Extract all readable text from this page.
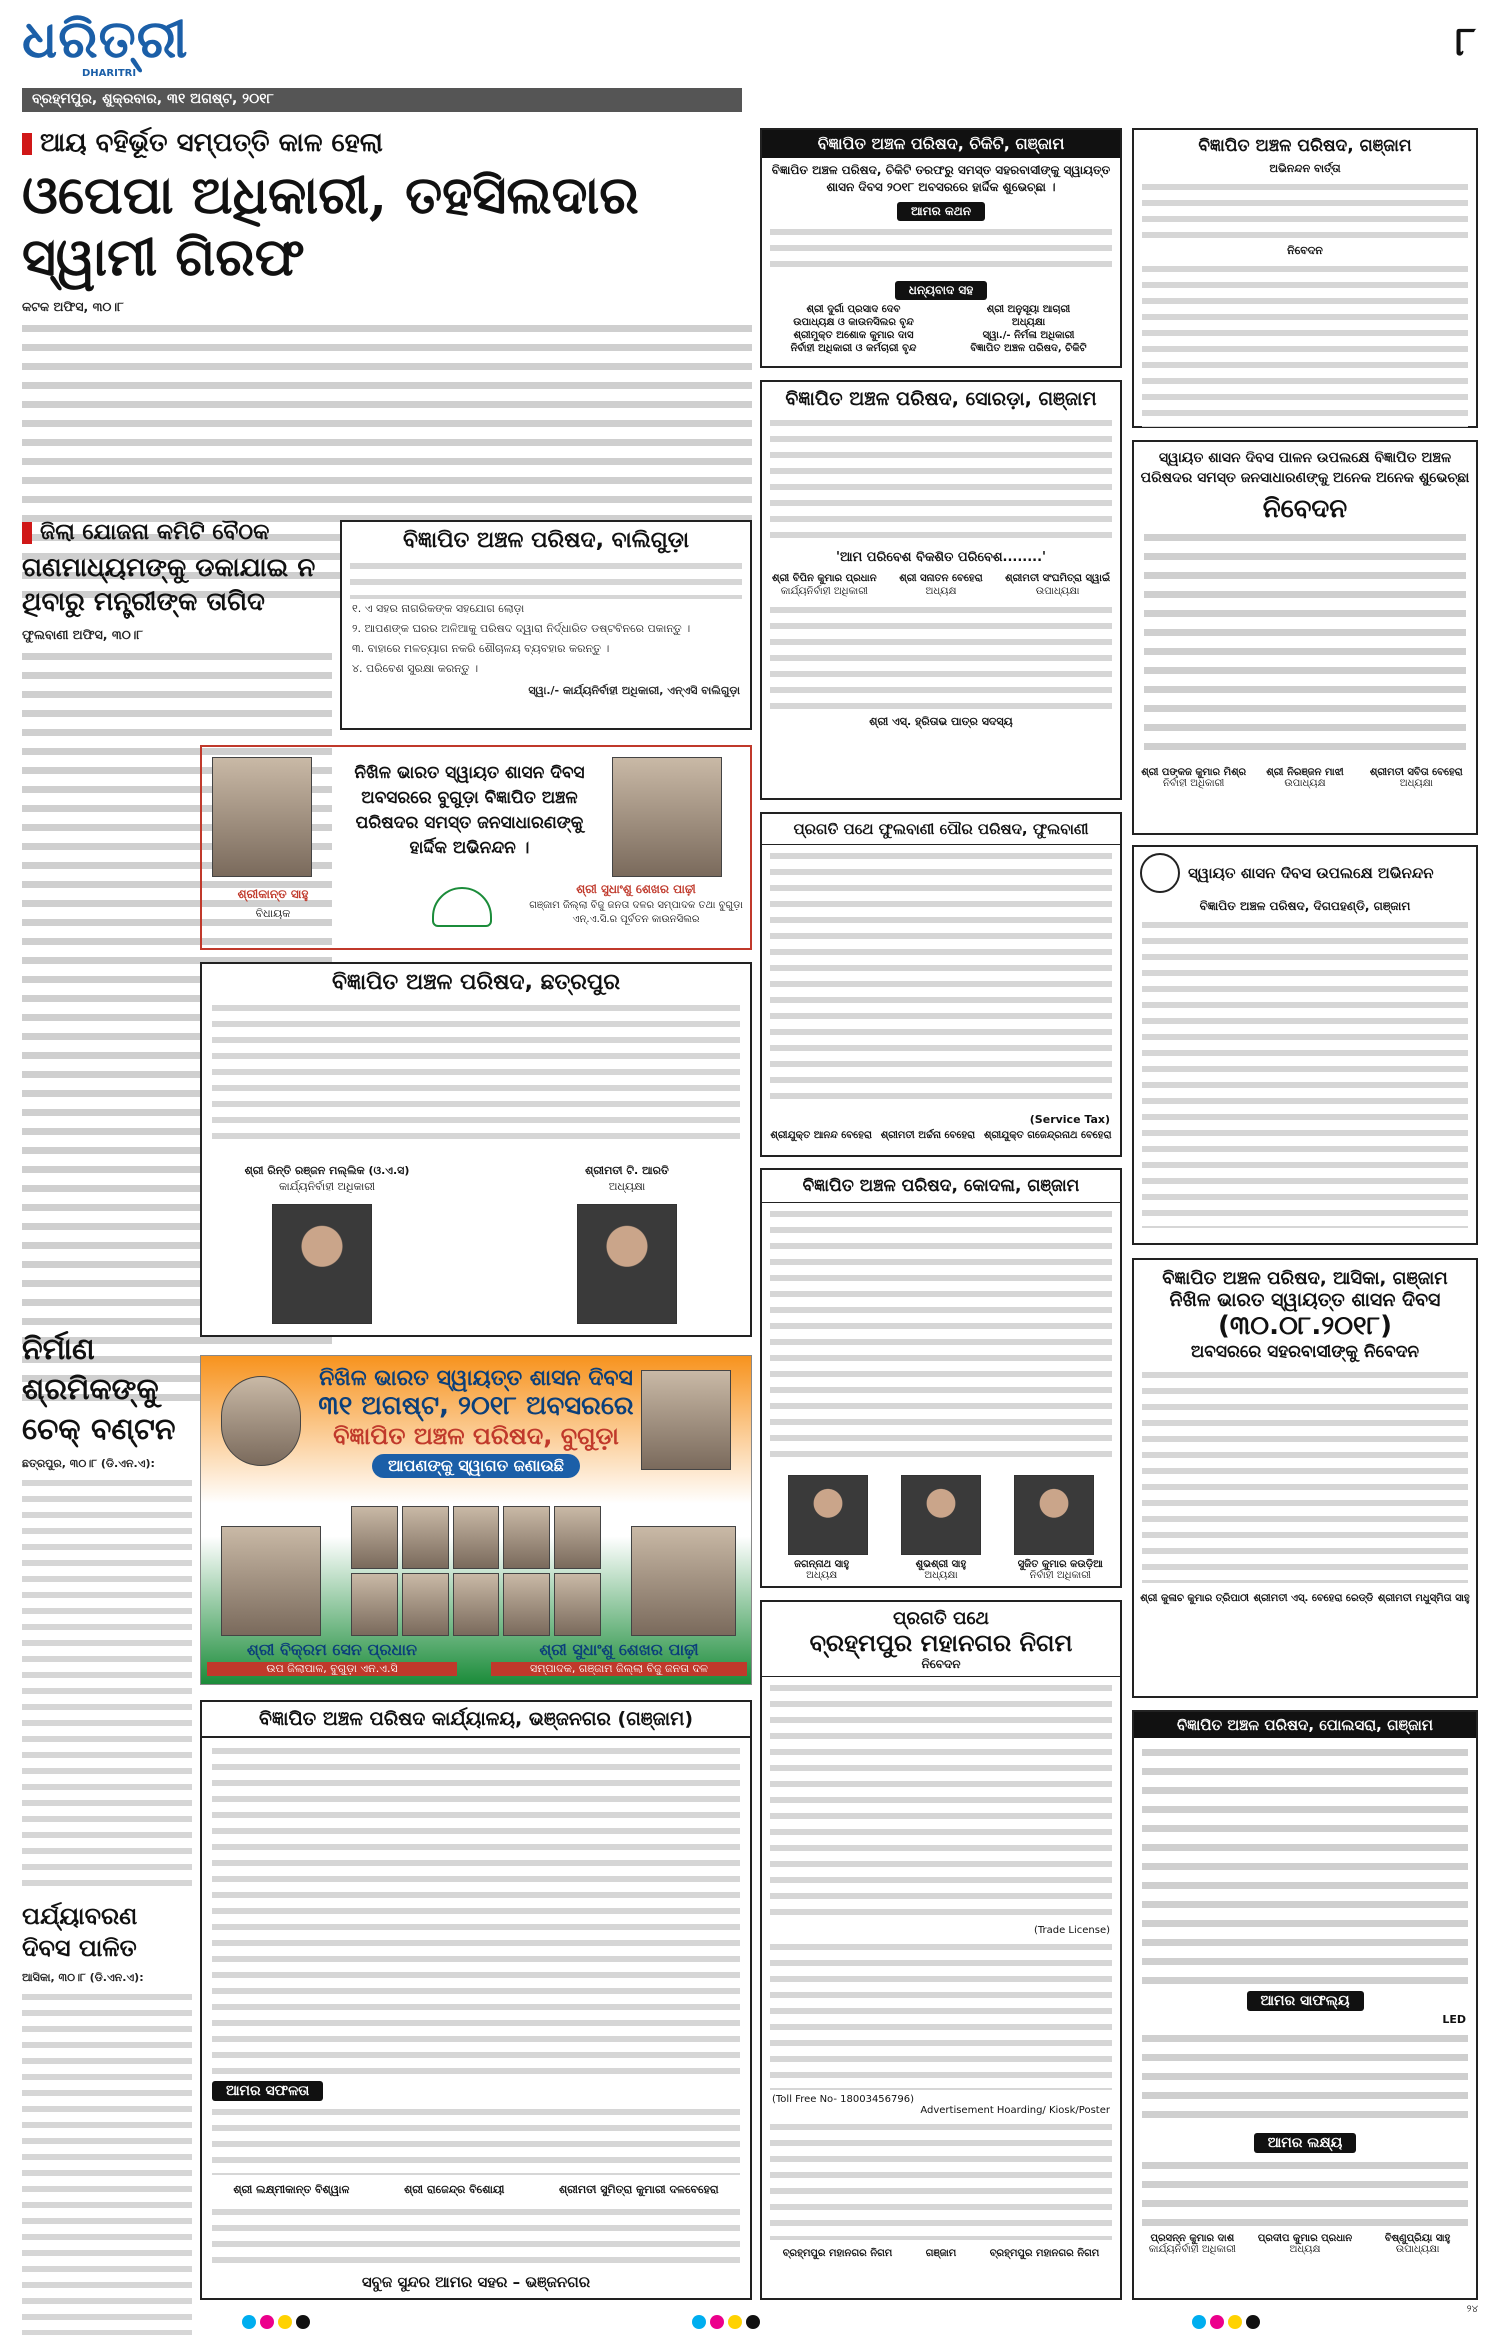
ଧରିତ୍ରୀ
DHARITRI
୮
ବ୍ରହ୍ମପୁର, ଶୁକ୍ରବାର, ୩୧ ଅଗଷ୍ଟ, ୨୦୧୮
ଆୟ ବହିର୍ଭୂତ ସମ୍ପତ୍ତି କାଳ ହେଲା
ଓପେପା ଅଧିକାରୀ, ତହସିଲଦାର ସ୍ୱାମୀ ଗିରଫ
କଟକ ଅଫିସ, ୩୦।୮
ଜିଲା ଯୋଜନା କମିଟି ବୈଠକ
ଗଣମାଧ୍ୟମଙ୍କୁ ଡକାଯାଇ ନ ଥିବାରୁ ମନ୍ତ୍ରୀଙ୍କ ତାଗିଦ
ଫୁଲବାଣୀ ଅଫିସ, ୩୦।୮
ନିର୍ମାଣ ଶ୍ରମିକଙ୍କୁ ଚେକ୍ ବଣ୍ଟନ
ଛତ୍ରପୁର, ୩୦।୮ (ଡି.ଏନ.ଏ):
ପର୍ଯ୍ୟାବରଣ ଦିବସ ପାଳିତ
ଆସିକା, ୩୦।୮ (ଡି.ଏନ.ଏ):
ବିଜ୍ଞାପିତ ଅଞ୍ଚଳ ପରିଷଦ, ବାଲିଗୁଡ଼ା
୧. ଏ ସହର ନାଗରିକଙ୍କ ସହଯୋଗ ଲୋଡ଼ା
୨. ଆପଣଙ୍କ ଘରର ଅଳିଆକୁ ପରିଷଦ ଦ୍ୱାରା ନିର୍ଦ୍ଧାରିତ ଡଷ୍ଟବିନରେ ପକାନ୍ତୁ ।
୩. ବାହାରେ ମଳତ୍ୟାଗ ନକରି ଶୌଚାଳୟ ବ୍ୟବହାର କରନ୍ତୁ ।
୪. ପରିବେଶ ସୁରକ୍ଷା କରନ୍ତୁ ।
ସ୍ୱା./- କାର୍ଯ୍ୟନିର୍ବାହୀ ଅଧିକାରୀ, ଏନ୍‌ଏସି ବାଲିଗୁଡ଼ା
ଶ୍ରୀକାନ୍ତ ସାହୁ
ବିଧାୟକ
ନିଖିଳ ଭାରତ ସ୍ୱାୟତ ଶାସନ ଦିବସ ଅବସରରେ ବୁଗୁଡ଼ା ବିଜ୍ଞାପିତ ଅଞ୍ଚଳ ପରିଷଦର ସମସ୍ତ ଜନସାଧାରଣଙ୍କୁ ହାର୍ଦ୍ଦିକ ଅଭିନନ୍ଦନ ।
ଶ୍ରୀ ସୁଧାଂଶୁ ଶେଖର ପାଢ଼ୀ
ଗଞ୍ଜାମ ଜିଲ୍ଲା ବିଜୁ ଜନତା ଦଳର ସମ୍ପାଦକ ତଥା ବୁଗୁଡ଼ା ଏନ୍‌.ଏ.ସି.ର ପୂର୍ବତନ କାଉନସିଲର
ବିଜ୍ଞାପିତ ଅଞ୍ଚଳ ପରିଷଦ, ଛତ୍ରପୁର
ଶ୍ରୀ ରିନ୍ତି ରଞ୍ଜନ ମଲ୍ଲିକ (ଓ.ଏ.ସ)
କାର୍ଯ୍ୟନିର୍ବାହୀ ଅଧିକାରୀ
ଶ୍ରୀମତୀ ଟି. ଆରତି
ଅଧ୍ୟକ୍ଷା
ନିଖିଳ ଭାରତ ସ୍ୱାୟତ୍ତ ଶାସନ ଦିବସ
୩୧ ଅଗଷ୍ଟ, ୨୦୧୮ ଅବସରରେ
ବିଜ୍ଞାପିତ ଅଞ୍ଚଳ ପରିଷଦ, ବୁଗୁଡ଼ା
ଆପଣଙ୍କୁ ସ୍ୱାଗତ ଜଣାଉଛି
ଶ୍ରୀ ବିକ୍ରମ ସେନ ପ୍ରଧାନ
ଉପ ଜିଲାପାଳ, ବୁଗୁଡ଼ା ଏନ.ଏ.ସି
ଶ୍ରୀ ସୁଧାଂଶୁ ଶେଖର ପାଢ଼ୀ
ସମ୍ପାଦକ, ଗଞ୍ଜାମ ଜିଲ୍ଲା ବିଜୁ ଜନତା ଦଳ
ବିଜ୍ଞାପିତ ଅଞ୍ଚଳ ପରିଷଦ କାର୍ଯ୍ୟାଳୟ, ଭଞ୍ଜନଗର (ଗଞ୍ଜାମ)
ଆମର ସଫଳତା
ଶ୍ରୀ ଲକ୍ଷ୍ମୀକାନ୍ତ ବିଶ୍ୱାଳ	ଶ୍ରୀ ରାଜେନ୍ଦ୍ର ବିଶୋୟୀ	ଶ୍ରୀମତୀ ସୁମିତ୍ରା କୁମାରୀ ଦଳବେହେରା
ସବୁଜ ସୁନ୍ଦର ଆମର ସହର – ଭଞ୍ଜନଗର
ବିଜ୍ଞାପିତ ଅଞ୍ଚଳ ପରିଷଦ, ଚିକିଟି, ଗଞ୍ଜାମ
ବିଜ୍ଞାପିତ ଅଞ୍ଚଳ ପରିଷଦ, ଚିକିଟି ତରଫରୁ ସମସ୍ତ ସହରବାସୀଙ୍କୁ ସ୍ୱାୟତ୍ତ ଶାସନ ଦିବସ ୨୦୧୮ ଅବସରରେ ହାର୍ଦ୍ଦିକ ଶୁଭେଚ୍ଛା ।
ଆମର କଥନ
ଧନ୍ୟବାଦ ସହ
ଶ୍ରୀ ଦୁର୍ଗା ପ୍ରସାଦ ଦେବ	ଶ୍ରୀ ଅନୁସୂୟା ଆଚାରୀ
ଉପାଧ୍ୟକ୍ଷ ଓ କାଉନସିଲର ବୃନ୍ଦ	ଅଧ୍ୟକ୍ଷା
ଶ୍ରୀମୁକ୍ତ ଅଶୋକ କୁମାର ଦାସ	ସ୍ୱା./- ନିର୍ମଳା ଅଧିକାରୀ
ନିର୍ବାହୀ ଅଧିକାରୀ ଓ କର୍ମଚାରୀ ବୃନ୍ଦ	ବିଜ୍ଞାପିତ ଅଞ୍ଚଳ ପରିଷଦ, ଚିକିଟି
ବିଜ୍ଞାପିତ ଅଞ୍ଚଳ ପରିଷଦ, ସୋରଡ଼ା, ଗଞ୍ଜାମ
'ଆମ ପରିବେଶ ବିକଶିତ ପରିବେଶ........'
ଶ୍ରୀ ବିପିନ କୁମାର ପ୍ରଧାନ	ଶ୍ରୀ ସନାତନ ବେହେରା	ଶ୍ରୀମତୀ ସଂଘମିତ୍ରା ସ୍ୱାଇଁ
କାର୍ଯ୍ୟନିର୍ବାହୀ ଅଧିକାରୀ	ଅଧ୍ୟକ୍ଷ	ଉପାଧ୍ୟକ୍ଷା
ଶ୍ରୀ ଏସ୍‌. ହ୍ରିତାଭ ପାତ୍ର ସଦସ୍ୟ
ପ୍ରଗତି ପଥେ ଫୁଲବାଣୀ ପୌର ପରିଷଦ, ଫୁଲବାଣୀ
(Service Tax)
ଶ୍ରୀଯୁକ୍ତ ଆନନ୍ଦ ବେହେରା ଶ୍ରୀମତୀ ଅର୍ଚ୍ଚନା ବେହେରା ଶ୍ରୀଯୁକ୍ତ ଗଜେନ୍ଦ୍ରନାଥ ବେହେରା
ବିଜ୍ଞାପିତ ଅଞ୍ଚଳ ପରିଷଦ, କୋଦଳା, ଗଞ୍ଜାମ
ଜଗନ୍ନାଥ ସାହୁ	ଶୁଭଶ୍ରୀ ସାହୁ	ସୁଜିତ କୁମାର କଉଡ଼ିଆ
ଅଧ୍ୟକ୍ଷ	ଅଧ୍ୟକ୍ଷା	ନିର୍ବାହୀ ଅଧିକାରୀ
ପ୍ରଗତି ପଥେ
ବ୍ରହ୍ମପୁର ମହାନଗର ନିଗମ
ନିବେଦନ
(Trade License)
(Toll Free No- 18003456796)
Advertisement Hoarding/ Kiosk/Poster
ବ୍ରହ୍ମପୁର ମହାନଗର ନିଗମ	ଗଞ୍ଜାମ	ବ୍ରହ୍ମପୁର ମହାନଗର ନିଗମ
ବିଜ୍ଞାପିତ ଅଞ୍ଚଳ ପରିଷଦ, ଗଞ୍ଜାମ
ଅଭିନନ୍ଦନ ବାର୍ତ୍ତା
ନିବେଦନ
ସ୍ୱାୟତ ଶାସନ ଦିବସ ପାଳନ ଉପଲକ୍ଷେ ବିଜ୍ଞାପିତ ଅଞ୍ଚଳ ପରିଷଦର ସମସ୍ତ ଜନସାଧାରଣଙ୍କୁ ଅନେକ ଅନେକ ଶୁଭେଚ୍ଛା
ନିବେଦନ
ଶ୍ରୀ ପଙ୍କଜ କୁମାର ମିଶ୍ର	ଶ୍ରୀ ନିରଞ୍ଜନ ମାଝୀ	ଶ୍ରୀମତୀ ସବିତା ବେହେରା
ନିର୍ବାହୀ ଅଧିକାରୀ	ଉପାଧ୍ୟକ୍ଷ	ଅଧ୍ୟକ୍ଷା
ସ୍ୱାୟତ ଶାସନ ଦିବସ ଉପଲକ୍ଷେ ଅଭିନନ୍ଦନ
ବିଜ୍ଞାପିତ ଅଞ୍ଚଳ ପରିଷଦ, ଦିଗପହଣ୍ଡି, ଗଞ୍ଜାମ
ବିଜ୍ଞାପିତ ଅଞ୍ଚଳ ପରିଷଦ, ଆସିକା, ଗଞ୍ଜାମ
ନିଖିଳ ଭାରତ ସ୍ୱାୟତ୍ତ ଶାସନ ଦିବସ
(୩୦.୦୮.୨୦୧୮)
ଅବସରରେ ସହରବାସୀଙ୍କୁ ନିବେଦନ
ଶ୍ରୀ କୁଳାଚ କୁମାର ତ୍ରିପାଠୀ ଶ୍ରୀମତୀ ଏସ୍‌. ବେହେରା ରେଡ୍ଡି ଶ୍ରୀମତୀ ମଧୁସ୍ମିତା ସାହୁ
ବିଜ୍ଞାପିତ ଅଞ୍ଚଳ ପରିଷଦ, ପୋଲସରା, ଗଞ୍ଜାମ
ଆମର ସାଫଲ୍ୟ
LED
ଆମର ଲକ୍ଷ୍ୟ
ପ୍ରସନ୍ନ କୁମାର ଦାଶ	ପ୍ରଦୀପ କୁମାର ପ୍ରଧାନ	ବିଷ୍ଣୁପ୍ରିୟା ସାହୁ
କାର୍ଯ୍ୟନିର୍ବାହୀ ଅଧିକାରୀ	ଅଧ୍ୟକ୍ଷ	ଉପାଧ୍ୟକ୍ଷା
୨୪
